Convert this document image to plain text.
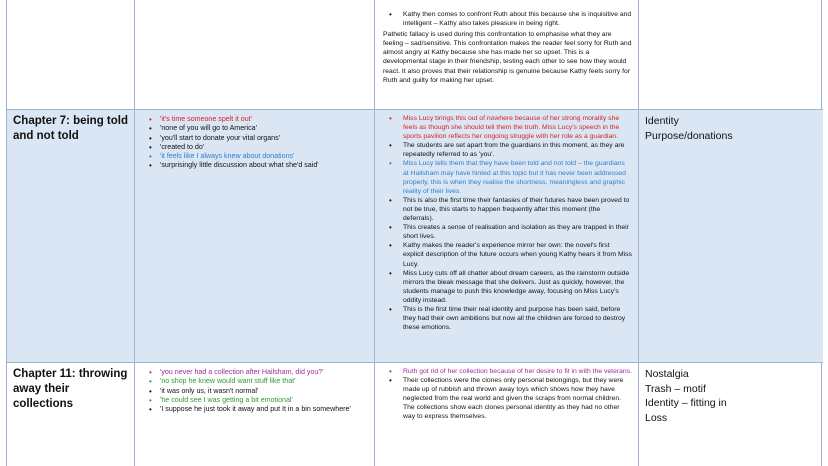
• Kathy then comes to confront Ruth about this because she is inquisitive and intelligent – Kathy also takes pleasure in being right.
Pathetic fallacy is used during this confrontation to emphasise what they are feeling – sad/sensitive. This confrontation makes the reader feel sorry for Ruth and almost angry at Kathy because she has made her so upset. This is a developmental stage in their friendship, testing each other to see how they would react. It also proves that their relationship is genuine because Kathy feels sorry for Ruth and guilty for making her upset.
Chapter 7: being told and not told
• 'it's time someone spelt it out'
• 'none of you will go to America'
• 'you'll start to donate your vital organs'
• 'created to do'
• 'it feels like I always knew about donations'
• 'surprisingly little discussion about what she'd said'
• Miss Lucy brings this out of nowhere because of her strong morality she feels as though she should tell them the truth. Miss Lucy's speech in the sports pavilion reflects her ongoing struggle with her role as a guardian.
• The students are set apart from the guardians in this moment, as they are repeatedly referred to as 'you'.
• Miss Lucy tells them that they have been told and not told – the guardians at Hailsham may have hinted at this topic but it has never been addressed properly, this is when they realise the shortness, meaningless and graphic reality of their lives.
• This is also the first time their fantasies of their futures have been proved to not be true, this starts to happen frequently after this moment (the deferrals).
• This creates a sense of realisation and isolation as they are trapped in their short lives.
• Kathy makes the reader's experience mirror her own: the novel's first explicit description of the future occurs when young Kathy hears it from Miss Lucy.
• Miss Lucy cuts off all chatter about dream careers, as the rainstorm outside mirrors the bleak message that she delivers. Just as quickly, however, the students manage to push this knowledge away, focusing on Miss Lucy's oddity instead.
• This is the first time their real identity and purpose has been said, before they had their own ambitions but now all the children are forced to destroy these emotions.
Identity
Purpose/donations
Chapter 11: throwing away their collections
• 'you never had a collection after Hailsham, did you?'
• 'no shop he knew would want stuff like that'
• 'it was only us, it wasn't normal'
• 'he could see I was getting a bit emotional'
• 'I suppose he just took it away and put It in a bin somewhere'
• Ruth got rid of her collection because of her desire to fit in with the veterans.
• Their collections were the clones only personal belongings, but they were made up of rubbish and thrown away toys which shows how they have neglected from the real world and given the scraps from normal children. The collections show each clones personal identity as they had no other way to express themselves.
Nostalgia
Trash – motif
Identity – fitting in
Loss
